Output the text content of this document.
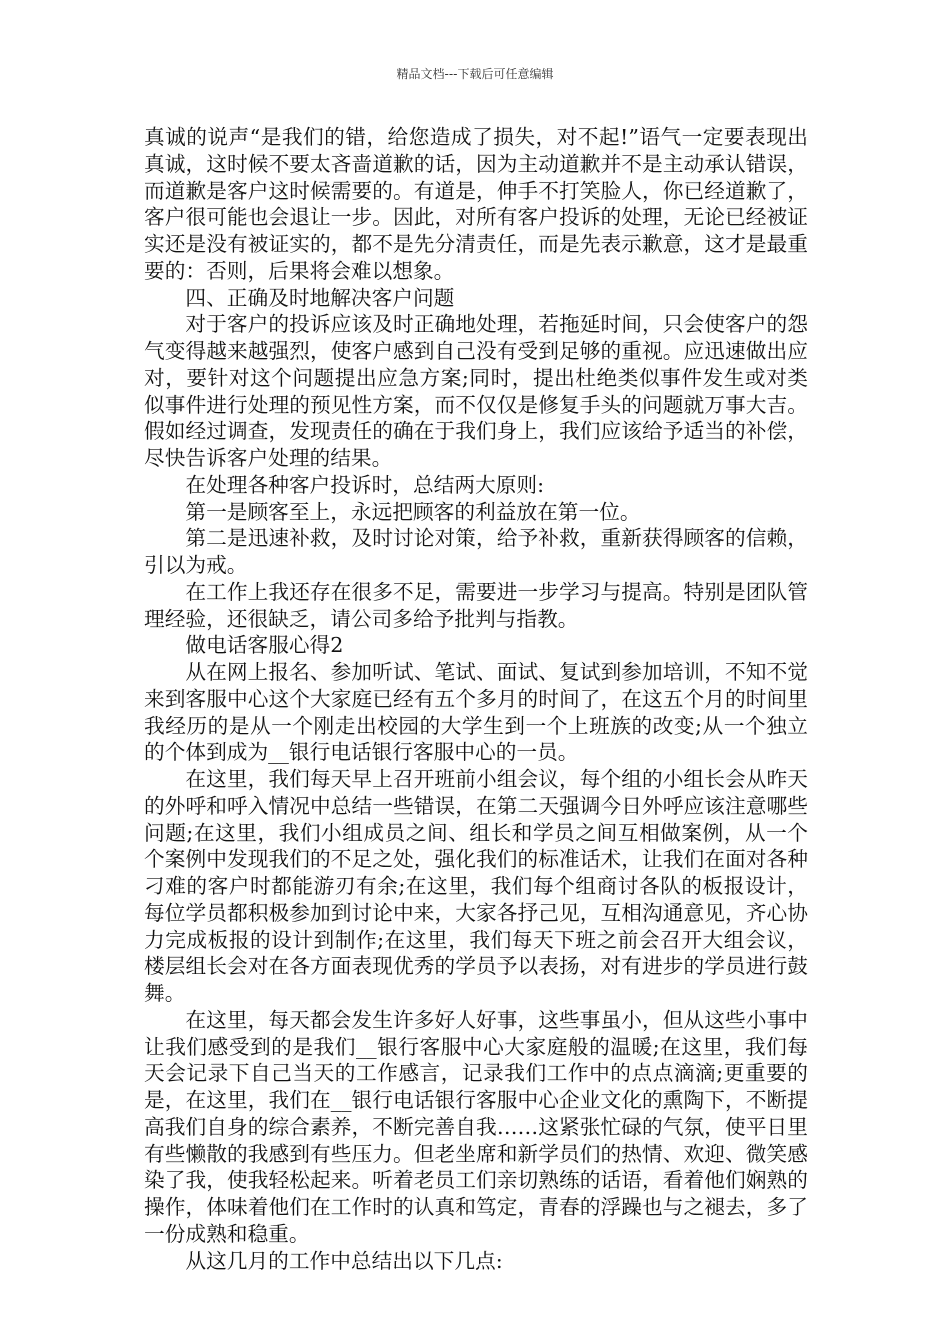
精品文档---下载后可任意编辑

真诚的说声“是我们的错，给您造成了损失，对不起!”语气一定要表现出真诚，这时候不要太吝啬道歉的话，因为主动道歉并不是主动承认错误，而道歉是客户这时候需要的。有道是，伸手不打笑脸人，你已经道歉了，客户很可能也会退让一步。因此，对所有客户投诉的处理，无论已经被证实还是没有被证实的，都不是先分清责任，而是先表示歉意，这才是最重要的：否则，后果将会难以想象。

四、正确及时地解决客户问题

对于客户的投诉应该及时正确地处理，若拖延时间，只会使客户的怨气变得越来越强烈，使客户感到自己没有受到足够的重视。应迅速做出应对，要针对这个问题提出应急方案;同时，提出杜绝类似事件发生或对类似事件进行处理的预见性方案，而不仅仅是修复手头的问题就万事大吉。假如经过调查，发现责任的确在于我们身上，我们应该给予适当的补偿，尽快告诉客户处理的结果。

在处理各种客户投诉时，总结两大原则:

第一是顾客至上，永远把顾客的利益放在第一位。

第二是迅速补救，及时讨论对策，给予补救，重新获得顾客的信赖，引以为戒。

在工作上我还存在很多不足，需要进一步学习与提高。特别是团队管理经验，还很缺乏，请公司多给予批判与指教。

做电话客服心得2

从在网上报名、参加听试、笔试、面试、复试到参加培训，不知不觉来到客服中心这个大家庭已经有五个多月的时间了，在这五个月的时间里我经历的是从一个刚走出校园的大学生到一个上班族的改变;从一个独立的个体到成为__银行电话银行客服中心的一员。

在这里，我们每天早上召开班前小组会议，每个组的小组长会从昨天的外呼和呼入情况中总结一些错误，在第二天强调今日外呼应该注意哪些问题;在这里，我们小组成员之间、组长和学员之间互相做案例，从一个个案例中发现我们的不足之处，强化我们的标准话术，让我们在面对各种刁难的客户时都能游刃有余;在这里，我们每个组商讨各队的板报设计，每位学员都积极参加到讨论中来，大家各抒己见，互相沟通意见，齐心协力完成板报的设计到制作;在这里，我们每天下班之前会召开大组会议，楼层组长会对在各方面表现优秀的学员予以表扬，对有进步的学员进行鼓舞。

在这里，每天都会发生许多好人好事，这些事虽小，但从这些小事中让我们感受到的是我们__银行客服中心大家庭般的温暖;在这里，我们每天会记录下自己当天的工作感言，记录我们工作中的点点滴滴;更重要的是，在这里，我们在__银行电话银行客服中心企业文化的熏陶下，不断提高我们自身的综合素养，不断完善自我……这紧张忙碌的气氛，使平日里有些懒散的我感到有些压力。但老坐席和新学员们的热情、欢迎、微笑感染了我，使我轻松起来。听着老员工们亲切熟练的话语，看着他们娴熟的操作，体味着他们在工作时的认真和笃定，青春的浮躁也与之褪去，多了一份成熟和稳重。

从这几月的工作中总结出以下几点:
